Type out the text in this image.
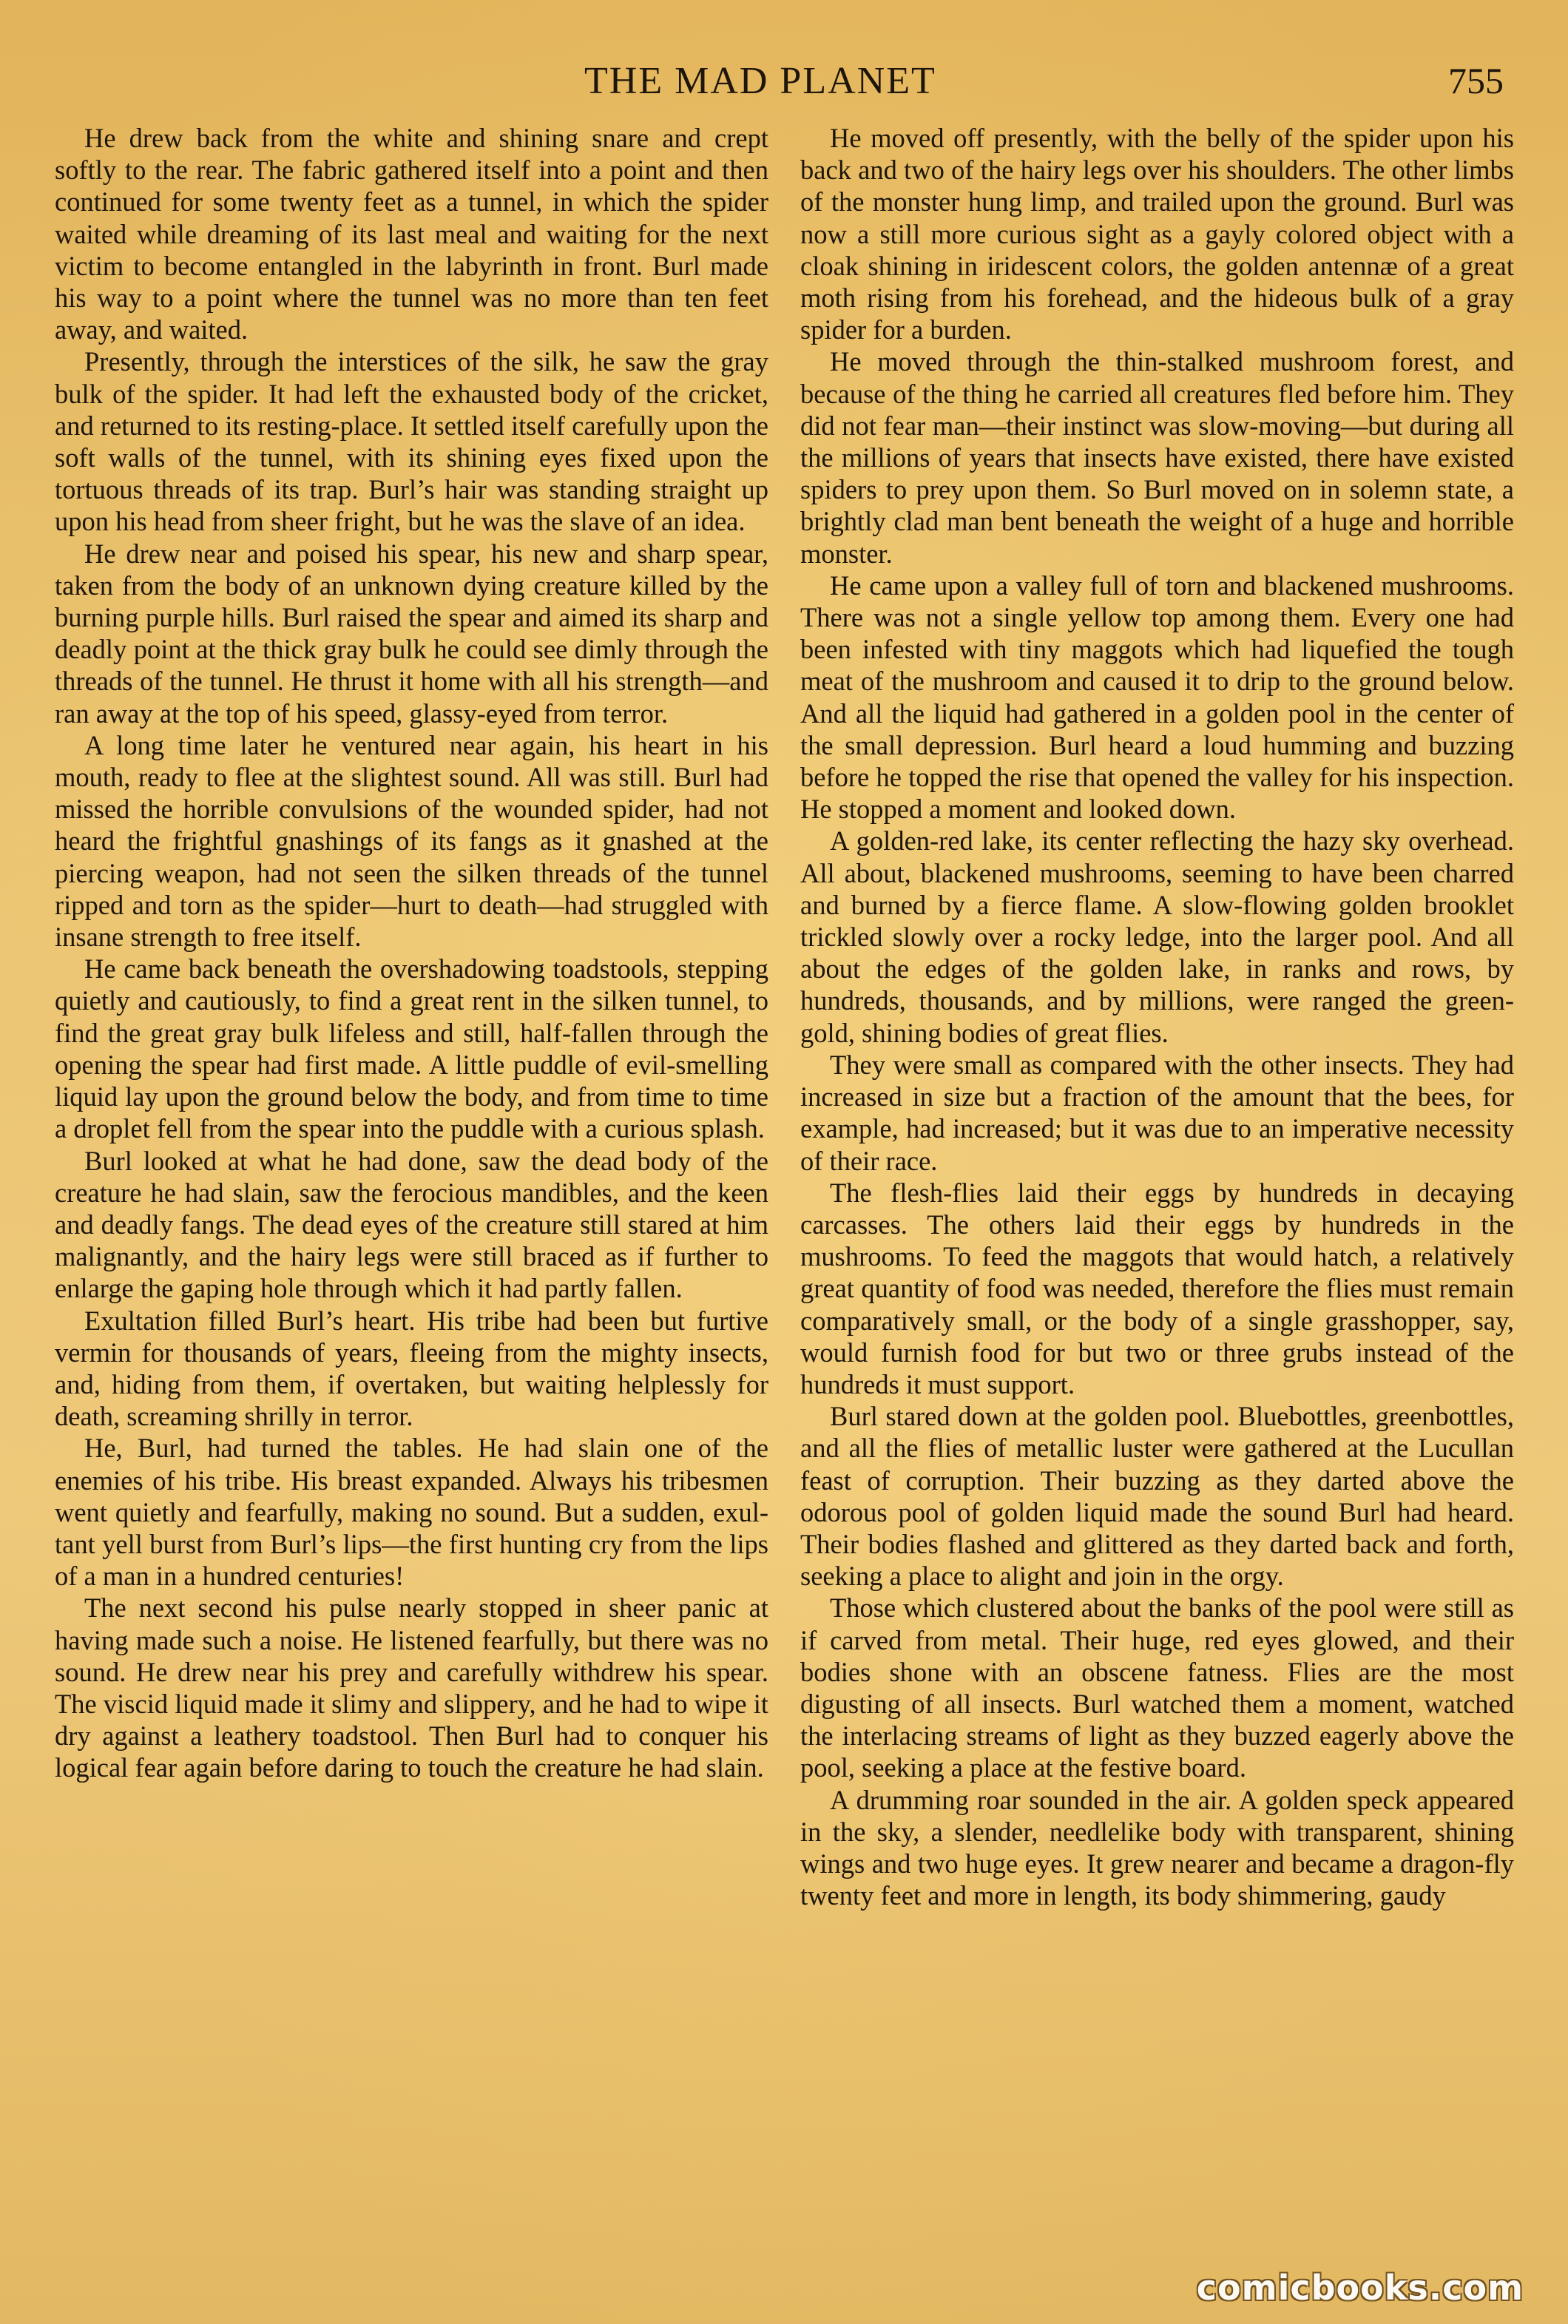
THE MAD PLANET	755

He drew back from the white and shining snare and crept softly to the rear. The fabric gathered itself into a point and then continued for some twenty feet as a tunnel, in which the spider waited while dreaming of its last meal and waiting for the next victim to become entangled in the labyrinth in front. Burl made his way to a point where the tunnel was no more than ten feet away, and waited.

Presently, through the interstices of the silk, he saw the gray bulk of the spider. It had left the exhausted body of the cricket, and returned to its resting-place. It settled itself carefully upon the soft walls of the tunnel, with its shining eyes fixed upon the tortuous threads of its trap. Burl’s hair was standing straight up upon his head from sheer fright, but he was the slave of an idea.

He drew near and poised his spear, his new and sharp spear, taken from the body of an unknown dying creature killed by the burning purple hills. Burl raised the spear and aimed its sharp and deadly point at the thick gray bulk he could see dimly through the threads of the tunnel. He thrust it home with all his strength—and ran away at the top of his speed, glassy-eyed from terror.

A long time later he ventured near again, his heart in his mouth, ready to flee at the slightest sound. All was still. Burl had missed the horrible convulsions of the wounded spider, had not heard the frightful gnashings of its fangs as it gnashed at the piercing weapon, had not seen the silken threads of the tunnel ripped and torn as the spider—hurt to death—had struggled with insane strength to free itself.

He came back beneath the overshadowing toadstools, stepping quietly and cautiously, to find a great rent in the silken tunnel, to find the great gray bulk lifeless and still, half-fallen through the opening the spear had first made. A little puddle of evil-smelling liquid lay upon the ground below the body, and from time to time a droplet fell from the spear into the puddle with a curious splash.

Burl looked at what he had done, saw the dead body of the creature he had slain, saw the ferocious mandibles, and the keen and deadly fangs. The dead eyes of the creature still stared at him malignantly, and the hairy legs were still braced as if further to enlarge the gaping hole through which it had partly fallen.

Exultation filled Burl’s heart. His tribe had been but furtive vermin for thousands of years, fleeing from the mighty insects, and, hiding from them, if overtaken, but waiting helplessly for death, screaming shrilly in terror.

He, Burl, had turned the tables. He had slain one of the enemies of his tribe. His breast expanded. Always his tribesmen went quietly and fearfully, making no sound. But a sudden, exultant yell burst from Burl’s lips—the first hunting cry from the lips of a man in a hundred centuries!

The next second his pulse nearly stopped in sheer panic at having made such a noise. He listened fearfully, but there was no sound. He drew near his prey and carefully withdrew his spear. The viscid liquid made it slimy and slippery, and he had to wipe it dry against a leathery toadstool. Then Burl had to conquer his logical fear again before daring to touch the creature he had slain.

He moved off presently, with the belly of the spider upon his back and two of the hairy legs over his shoulders. The other limbs of the monster hung limp, and trailed upon the ground. Burl was now a still more curious sight as a gayly colored object with a cloak shining in iridescent colors, the golden antennæ of a great moth rising from his forehead, and the hideous bulk of a gray spider for a burden.

He moved through the thin-stalked mushroom forest, and because of the thing he carried all creatures fled before him. They did not fear man—their instinct was slow-moving—but during all the millions of years that insects have existed, there have existed spiders to prey upon them. So Burl moved on in solemn state, a brightly clad man bent beneath the weight of a huge and horrible monster.

He came upon a valley full of torn and blackened mushrooms. There was not a single yellow top among them. Every one had been infested with tiny maggots which had liquefied the tough meat of the mushroom and caused it to drip to the ground below. And all the liquid had gathered in a golden pool in the center of the small depression. Burl heard a loud humming and buzzing before he topped the rise that opened the valley for his inspection. He stopped a moment and looked down.

A golden-red lake, its center reflecting the hazy sky overhead. All about, blackened mushrooms, seeming to have been charred and burned by a fierce flame. A slow-flowing golden brooklet trickled slowly over a rocky ledge, into the larger pool. And all about the edges of the golden lake, in ranks and rows, by hundreds, thousands, and by millions, were ranged the green-gold, shining bodies of great flies.

They were small as compared with the other insects. They had increased in size but a fraction of the amount that the bees, for example, had increased; but it was due to an imperative necessity of their race.

The flesh-flies laid their eggs by hundreds in decaying carcasses. The others laid their eggs by hundreds in the mushrooms. To feed the maggots that would hatch, a relatively great quantity of food was needed, therefore the flies must remain comparatively small, or the body of a single grasshopper, say, would furnish food for but two or three grubs instead of the hundreds it must support.

Burl stared down at the golden pool. Bluebottles, greenbottles, and all the flies of metallic luster were gathered at the Lucullan feast of corruption. Their buzzing as they darted above the odorous pool of golden liquid made the sound Burl had heard. Their bodies flashed and glittered as they darted back and forth, seeking a place to alight and join in the orgy.

Those which clustered about the banks of the pool were still as if carved from metal. Their huge, red eyes glowed, and their bodies shone with an obscene fatness. Flies are the most digusting of all insects. Burl watched them a moment, watched the interlacing streams of light as they buzzed eagerly above the pool, seeking a place at the festive board.

A drumming roar sounded in the air. A golden speck appeared in the sky, a slender, needlelike body with transparent, shining wings and two huge eyes. It grew nearer and became a dragon-fly twenty feet and more in length, its body shimmering, gaudy

comicbooks.com
